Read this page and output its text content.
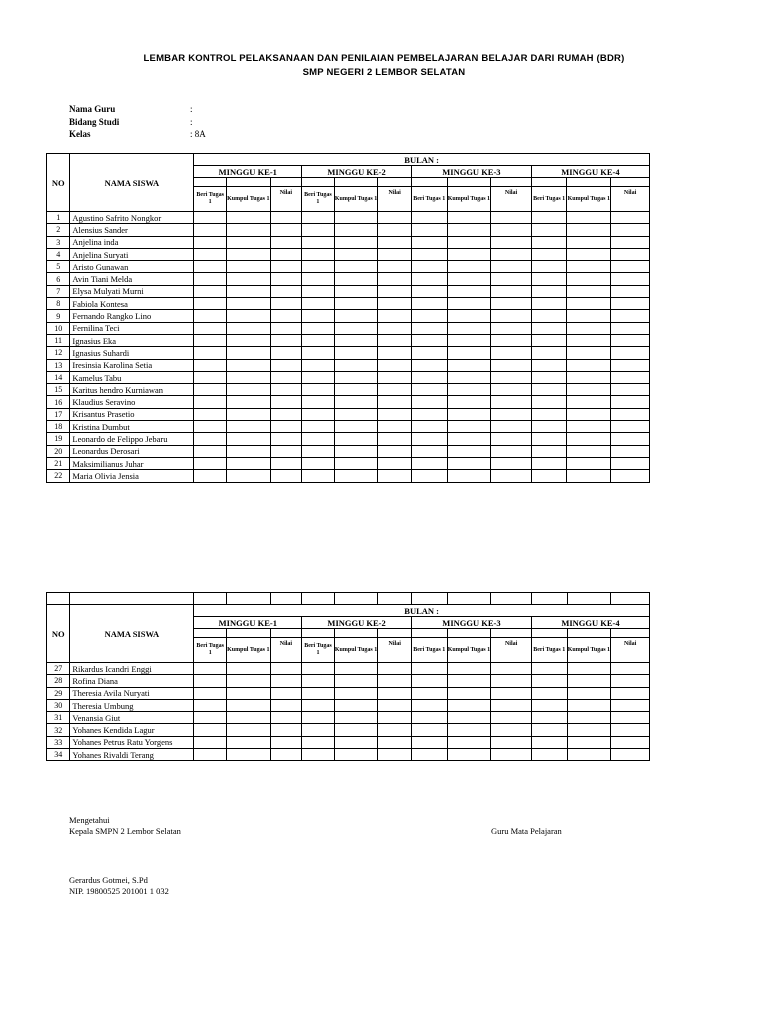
LEMBAR KONTROL PELAKSANAAN DAN PENILAIAN PEMBELAJARAN BELAJAR DARI RUMAH (BDR)
SMP NEGERI 2 LEMBOR SELATAN
Nama Guru	:
Bidang Studi	:
Kelas	: 8A
NO	NAMA SISWA	BULAN :											
		MINGGU KE-1			MINGGU KE-2			MINGGU KE-3			MINGGU KE-4		

		Beri Tugas 1	Kumpul Tugas 1	Nilai	Beri Tugas 1	Kumpul Tugas 1	Nilai	Beri Tugas 1	Kumpul Tugas 1	Nilai	Beri Tugas 1	Kumpul Tugas 1	Nilai
1	Agustino Safrito Nongkor												
2	Alensius Sander												
3	Anjelina inda												
4	Anjelina Suryati												
5	Aristo Gunawan												
6	Avin Tiani Melda												
7	Elysa Mulyati Murni												
8	Fabiola Kontesa												
9	Fernando Rangko Lino												
10	Fernilina Teci												
11	Ignasius Eka												
12	Ignasius Suhardi												
13	Iresinsia Karolina Setia												
14	Kamelus Tabu												
15	Karitus hendro Kurniawan												
16	Klaudius Seravino												
17	Krisantus Prasetio												
18	Kristina Dumbut												
19	Leonardo de Felippo Jebaru												
20	Leonardus Derosari												
21	Maksimilianus Juhar												
22	Maria Olivia Jensia												

NO	NAMA SISWA	BULAN :											
		MINGGU KE-1			MINGGU KE-2			MINGGU KE-3			MINGGU KE-4		

		Beri Tugas 1	Kumpul Tugas 1	Nilai	Beri Tugas 1	Kumpul Tugas 1	Nilai	Beri Tugas 1	Kumpul Tugas 1	Nilai	Beri Tugas 1	Kumpul Tugas 1	Nilai
27	Rikardus Icandri Enggi												
28	Rofina Diana												
29	Theresia Avila Nuryati												
30	Theresia Umbung												
31	Venansia Giut												
32	Yohanes Kendida Lagur												
33	Yohanes Petrus Ratu Yorgens												
34	Yohanes Rivaldi Terang												
Mengetahui
Kepala SMPN 2 Lembor Selatan	Guru Mata Pelajaran
Gerardus Gotmei, S.Pd
NIP. 19800525 201001 1 032
